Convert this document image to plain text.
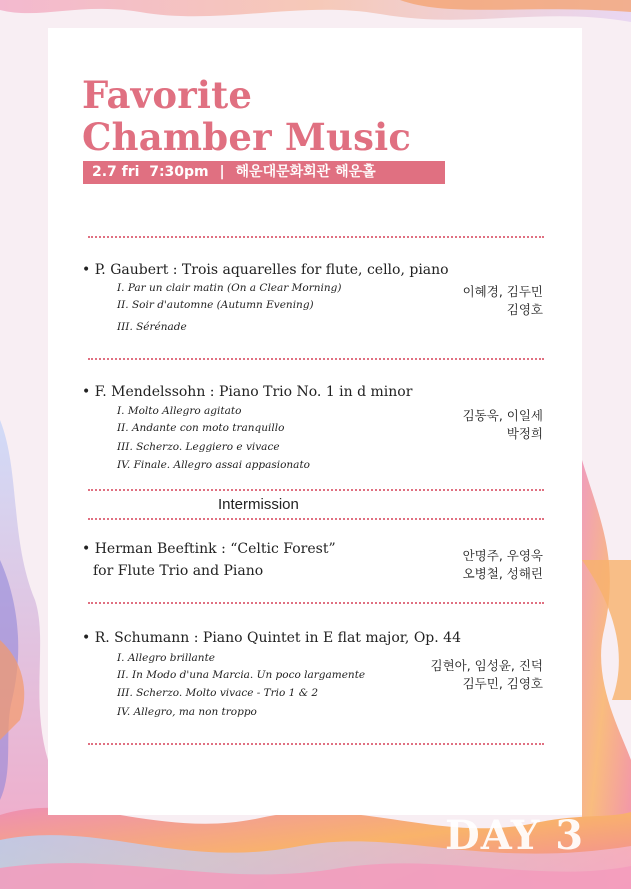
Favorite
Chamber Music
2.7 fri  7:30pm | 해운대문화회관 해운홀
• P. Gaubert : Trois aquarelles for flute, cello, piano
I. Par un clair matin (On a Clear Morning)
II. Soir d'automne (Autumn Evening)
III. Sérénade
이혜경, 김두민
김영호
• F. Mendelssohn : Piano Trio No. 1 in d minor
I. Molto Allegro agitato
II. Andante con moto tranquillo
III. Scherzo. Leggiero e vivace
IV. Finale. Allegro assai appasionato
김동욱, 이일세
박정희
Intermission
• Herman Beeftink : “Celtic Forest”
for Flute Trio and Piano
안명주, 우영욱
오병철, 성해린
• R. Schumann : Piano Quintet in E flat major, Op. 44
I. Allegro brillante
II. In Modo d'una Marcia. Un poco largamente
III. Scherzo. Molto vivace - Trio 1 & 2
IV. Allegro, ma non troppo
김현아, 임성윤, 진덕
김두민, 김영호
DAY 3
